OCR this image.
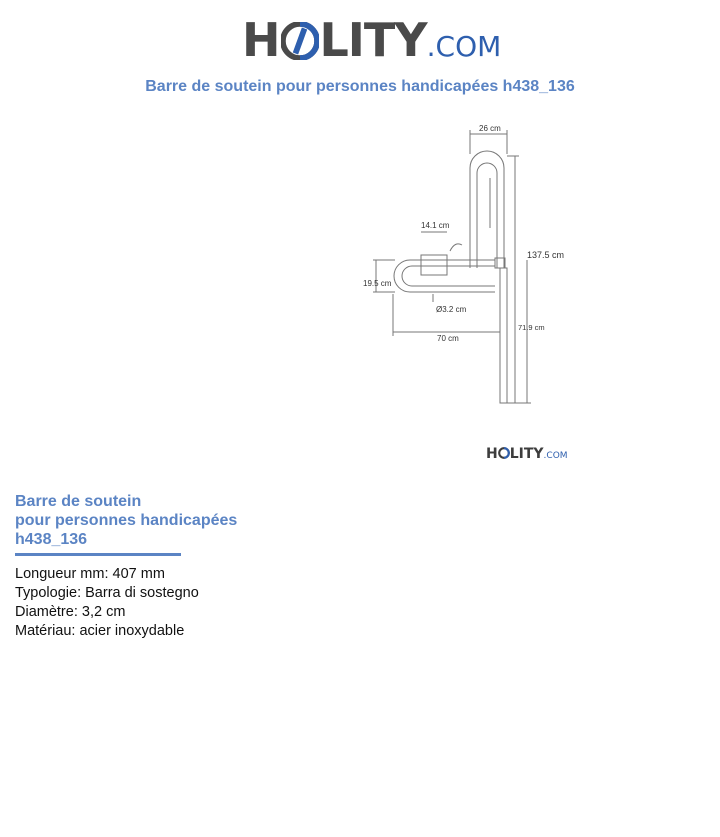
H LITY.COM
Barre de soutein pour personnes handicapées h438_136
26 cm
14.1 cm
137.5 cm
19.5 cm
Ø3.2 cm
71.9 cm
70 cm
H LITY.COM
Barre de soutein
pour personnes handicapées
h438_136
Longueur mm: 407 mm
Typologie: Barra di sostegno
Diamètre: 3,2 cm
Matériau: acier inoxydable
